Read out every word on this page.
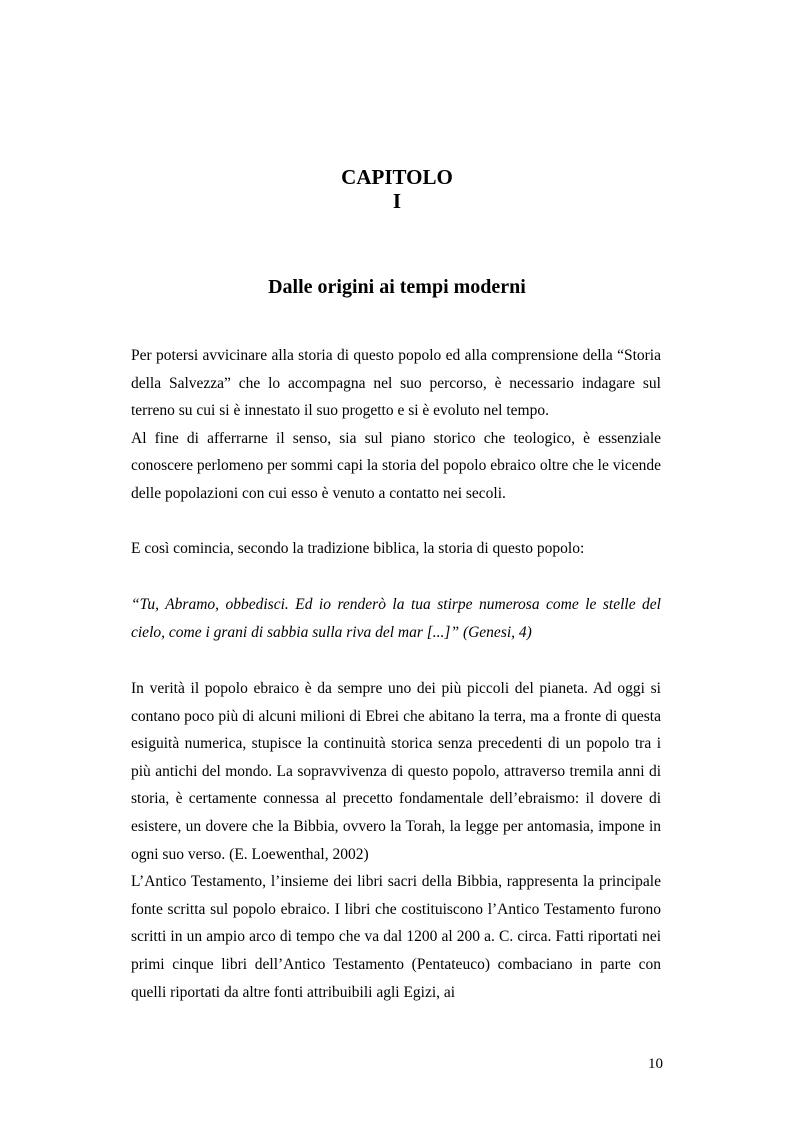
CAPITOLO
I
Dalle origini ai tempi moderni

Per potersi avvicinare alla storia di questo popolo ed alla comprensione della “Storia della Salvezza” che lo accompagna nel suo percorso, è necessario indagare sul terreno su cui si è innestato il suo progetto e si è evoluto nel tempo.

Al fine di afferrarne il senso, sia sul piano storico che teologico, è essenziale conoscere perlomeno per sommi capi la storia del popolo ebraico oltre che le vicende delle popolazioni con cui esso è venuto a contatto nei secoli.

E così comincia, secondo la tradizione biblica, la storia di questo popolo:

“Tu, Abramo, obbedisci. Ed io renderò la tua stirpe numerosa come le stelle del cielo, come i grani di sabbia sulla riva del mar [...]” (Genesi, 4)

In verità il popolo ebraico è da sempre uno dei più piccoli del pianeta. Ad oggi si contano poco più di alcuni milioni di Ebrei che abitano la terra, ma a fronte di questa esiguità numerica, stupisce la continuità storica senza precedenti di un popolo tra i più antichi del mondo. La sopravvivenza di questo popolo, attraverso tremila anni di storia, è certamente connessa al precetto fondamentale dell’ebraismo: il dovere di esistere, un dovere che la Bibbia, ovvero la Torah, la legge per antomasia, impone in ogni suo verso. (E. Loewenthal, 2002)

L’Antico Testamento, l’insieme dei libri sacri della Bibbia, rappresenta la principale fonte scritta sul popolo ebraico. I libri che costituiscono l’Antico Testamento furono scritti in un ampio arco di tempo che va dal 1200 al 200 a. C. circa. Fatti riportati nei primi cinque libri dell’Antico Testamento (Pentateuco) combaciano in parte con quelli riportati da altre fonti attribuibili agli Egizi, ai

10
